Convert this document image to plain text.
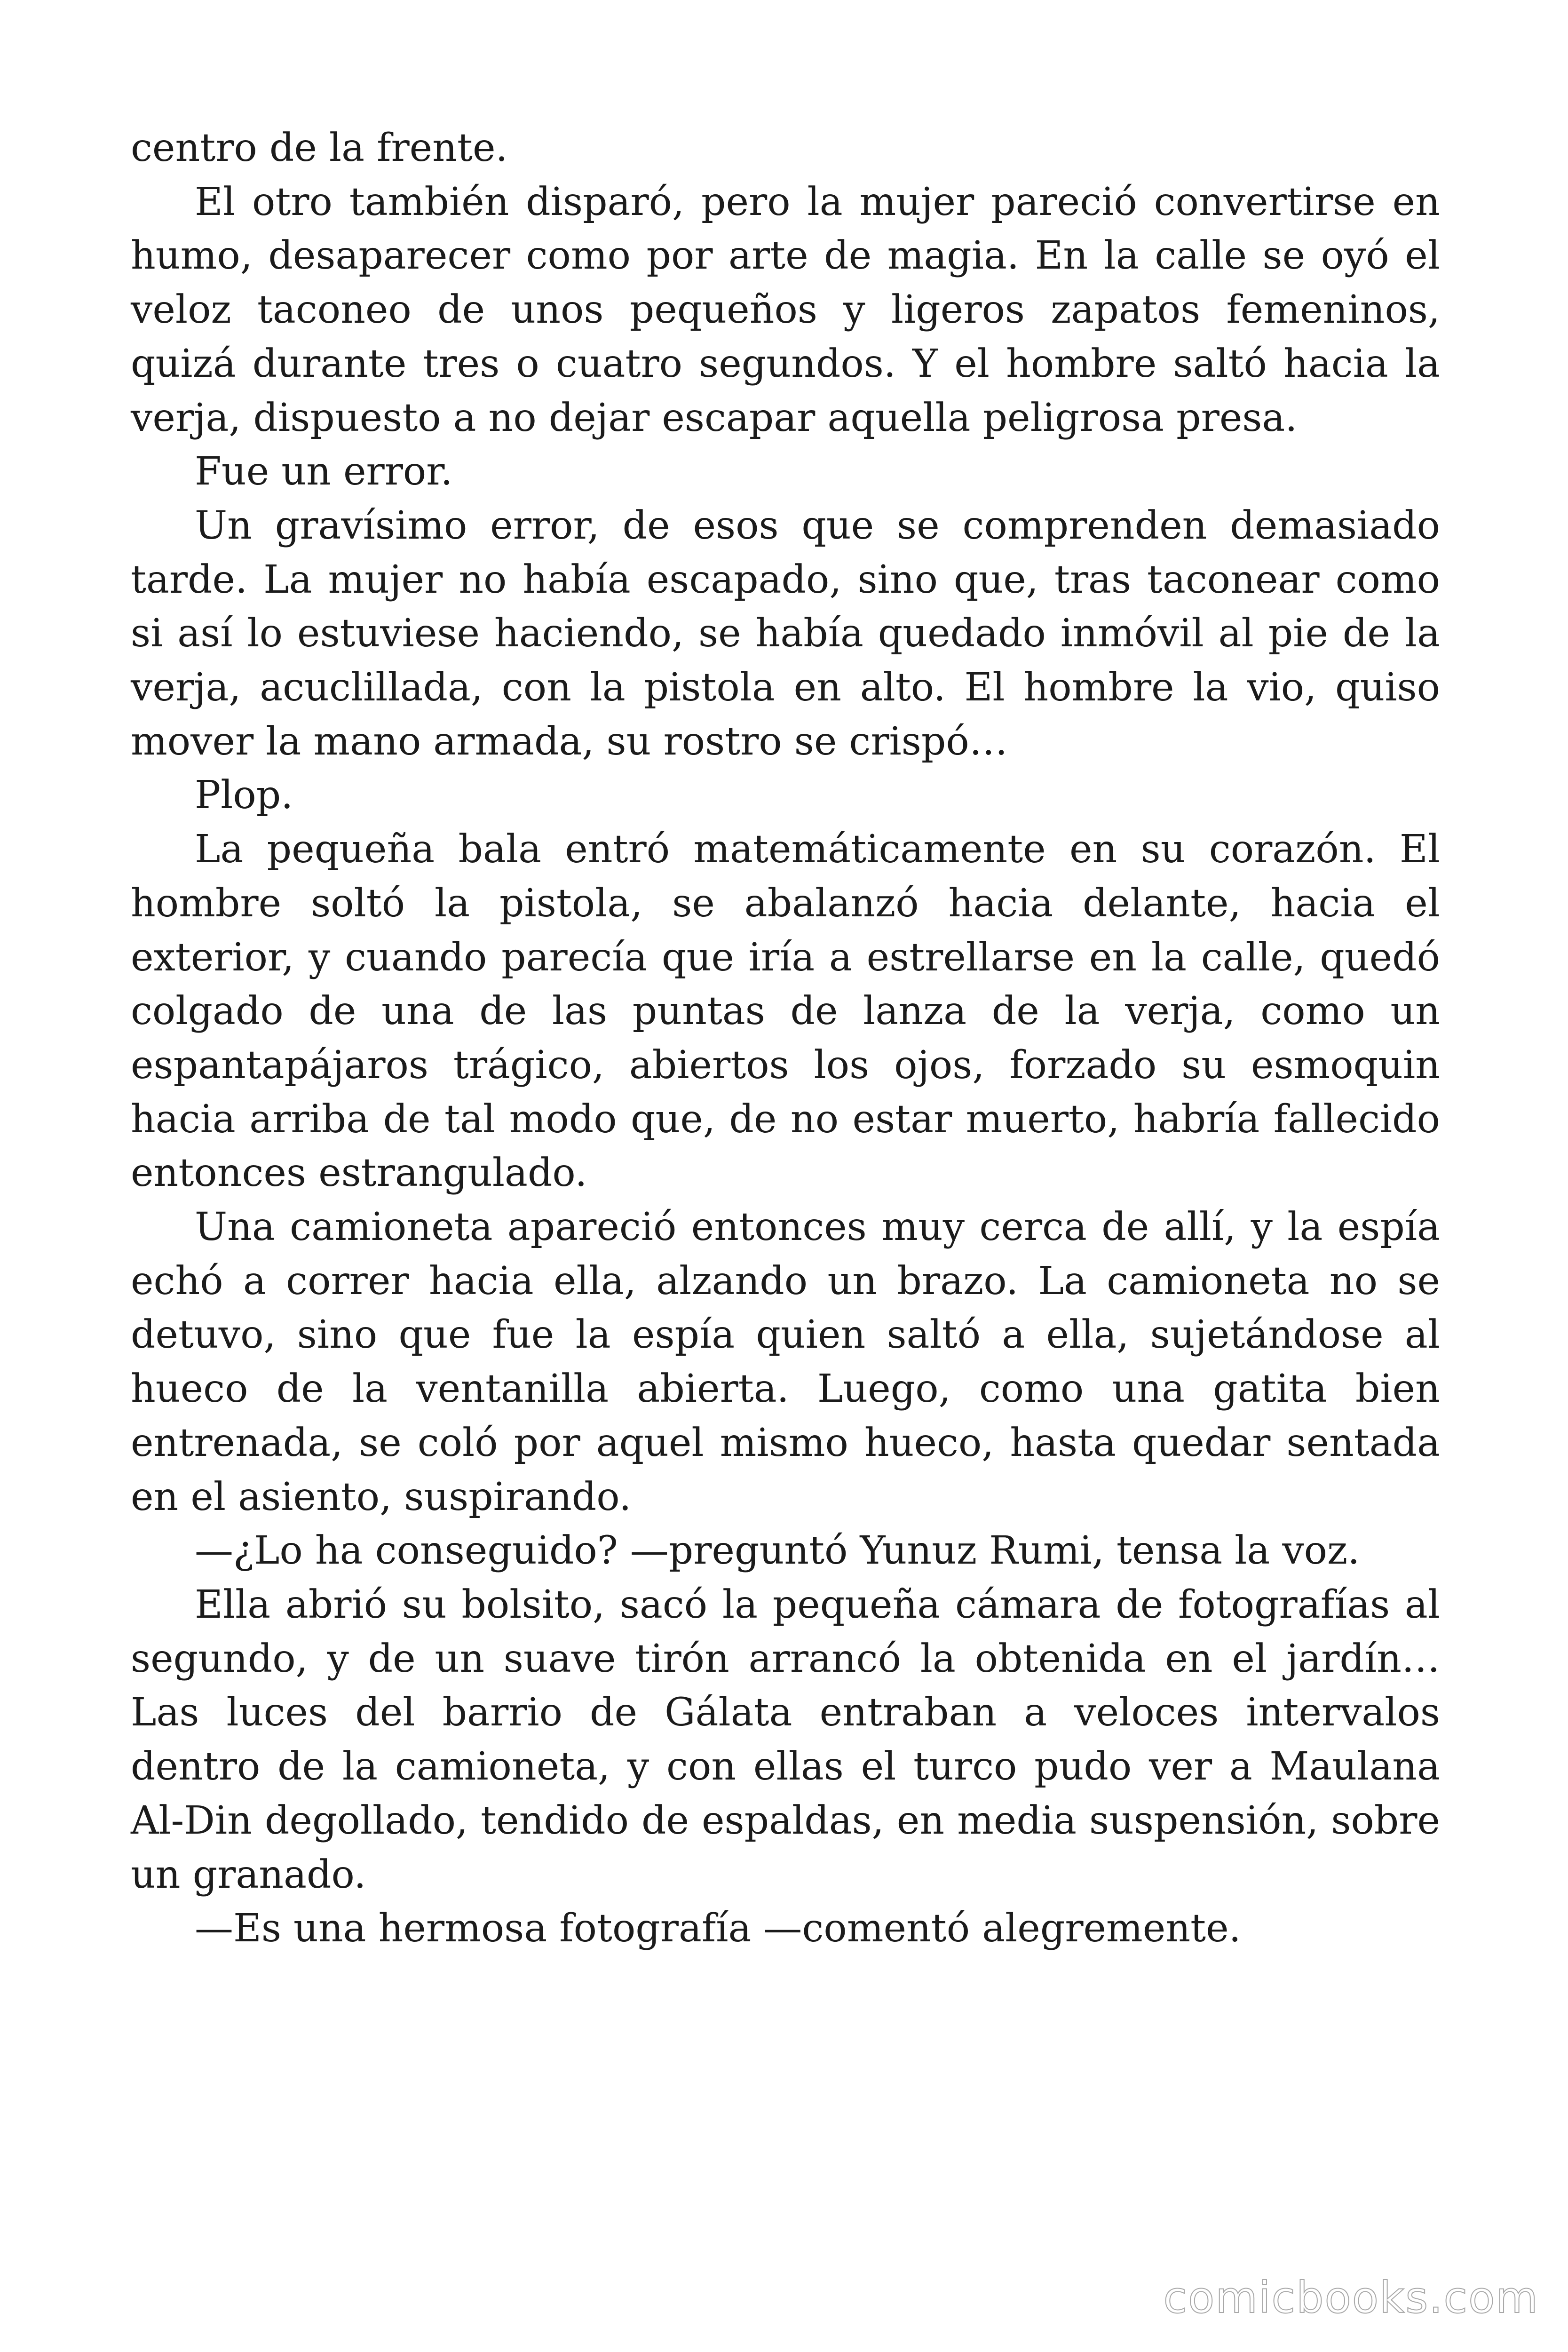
centro de la frente.

El otro también disparó, pero la mujer pareció convertirse en humo, desaparecer como por arte de magia. En la calle se oyó el veloz taconeo de unos pequeños y ligeros zapatos femeninos, quizá durante tres o cuatro segundos. Y el hombre saltó hacia la verja, dispuesto a no dejar escapar aquella peligrosa presa.

Fue un error.

Un gravísimo error, de esos que se comprenden demasiado tarde. La mujer no había escapado, sino que, tras taconear como si así lo estuviese haciendo, se había quedado inmóvil al pie de la verja, acuclillada, con la pistola en alto. El hombre la vio, quiso mover la mano armada, su rostro se crispó…

Plop.

La pequeña bala entró matemáticamente en su corazón. El hombre soltó la pistola, se abalanzó hacia delante, hacia el exterior, y cuando parecía que iría a estrellarse en la calle, quedó colgado de una de las puntas de lanza de la verja, como un espantapájaros trágico, abiertos los ojos, forzado su esmoquin hacia arriba de tal modo que, de no estar muerto, habría fallecido entonces estrangulado.

Una camioneta apareció entonces muy cerca de allí, y la espía echó a correr hacia ella, alzando un brazo. La camioneta no se detuvo, sino que fue la espía quien saltó a ella, sujetándose al hueco de la ventanilla abierta. Luego, como una gatita bien entrenada, se coló por aquel mismo hueco, hasta quedar sentada en el asiento, suspirando.

—¿Lo ha conseguido? —preguntó Yunuz Rumi, tensa la voz.

Ella abrió su bolsito, sacó la pequeña cámara de fotografías al segundo, y de un suave tirón arrancó la obtenida en el jardín… Las luces del barrio de Gálata entraban a veloces intervalos dentro de la camioneta, y con ellas el turco pudo ver a Maulana Al-Din degollado, tendido de espaldas, en media suspensión, sobre un granado.

—Es una hermosa fotografía —comentó alegremente.

comicbooks.com
